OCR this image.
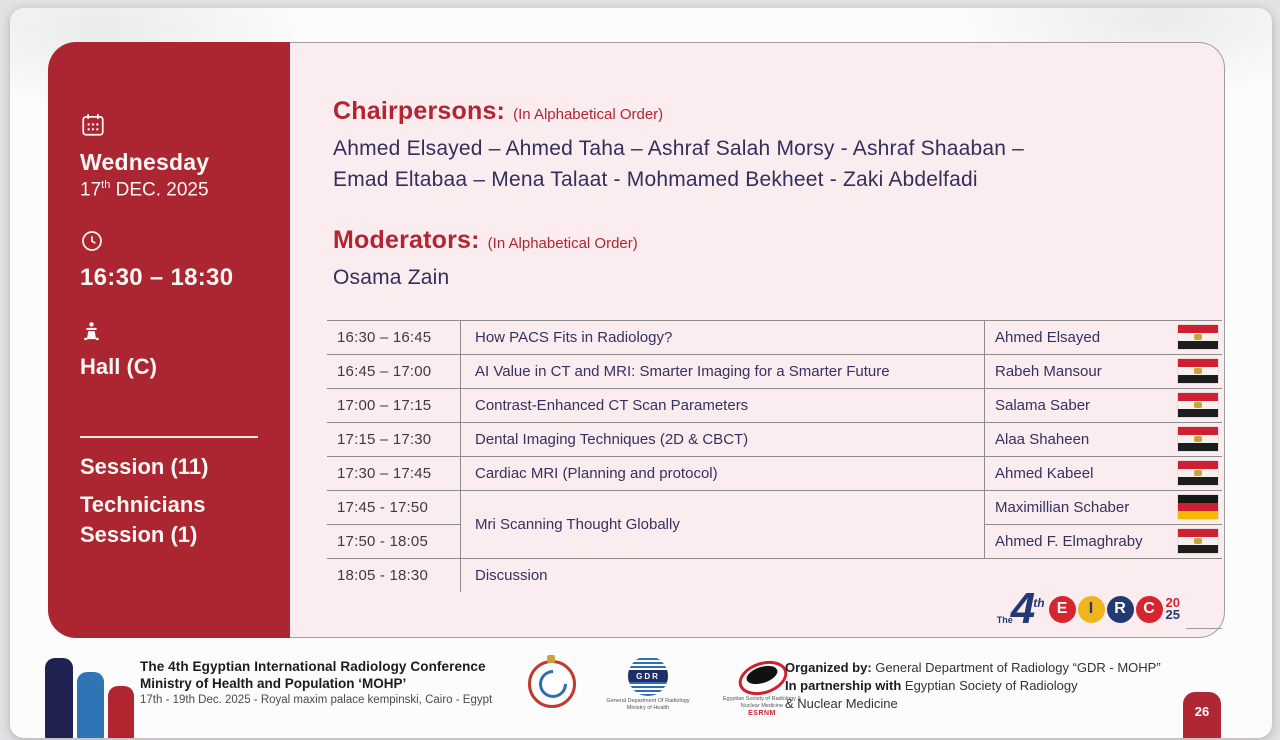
Wednesday
17th DEC. 2025
16:30 – 18:30
Hall (C)
Session (11)
Technicians Session (1)
Chairpersons: (In Alphabetical Order)
Ahmed Elsayed – Ahmed Taha – Ashraf Salah Morsy - Ashraf Shaaban – Emad Eltabaa – Mena Talaat - Mohmamed Bekheet - Zaki Abdelfadi
Moderators: (In Alphabetical Order)
Osama Zain
16:30 – 16:45	How PACS Fits in Radiology?	Ahmed Elsayed

16:45 – 17:00	AI Value in CT and MRI: Smarter Imaging for a Smarter Future	Rabeh Mansour

17:00 – 17:15	Contrast-Enhanced CT Scan Parameters	Salama Saber

17:15 – 17:30	Dental Imaging Techniques (2D & CBCT)	Alaa Shaheen

17:30 – 17:45	Cardiac MRI (Planning and protocol)	Ahmed Kabeel

17:45 - 17:50	Mri Scanning Thought Globally	Maximillian Schaber

17:50 - 18:05		Ahmed F. Elmaghraby

18:05 - 18:30	Discussion	
The
4th E	I	R	C 20
25
The 4th Egyptian International Radiology Conference
Ministry of Health and Population ‘MOHP’
17th - 19th Dec. 2025 - Royal maxim palace kempinski, Cairo - Egypt
GDR
General Department Of Radiology
Ministry of Health
Egyptian Society of Radiology & Nuclear Medicine
ESRNM
Organized by: General Department of Radiology “GDR - MOHP”
In partnership with Egyptian Society of Radiology
& Nuclear Medicine
26
